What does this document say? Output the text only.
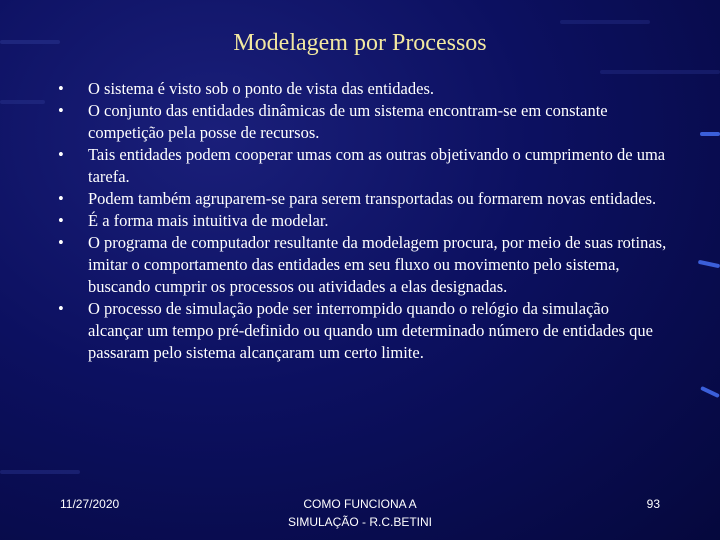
Modelagem por Processos
•	O sistema é visto sob o ponto de vista das entidades.
•	O conjunto das entidades dinâmicas de um sistema encontram-se em constante competição pela posse de recursos.
•	Tais entidades podem cooperar umas com as outras objetivando o cumprimento de uma tarefa.
•	Podem também agruparem-se para serem transportadas ou formarem novas entidades.
•	É a forma mais intuitiva de modelar.
•	O programa de computador resultante da modelagem procura, por meio de suas rotinas, imitar o comportamento das entidades em seu fluxo ou movimento pelo sistema, buscando cumprir os processos ou atividades a elas designadas.
•	O processo de simulação pode ser interrompido quando o relógio da simulação alcançar um tempo pré-definido ou quando um determinado número de entidades que passaram pelo sistema alcançaram um certo limite.
11/27/2020	COMO FUNCIONA A
SIMULAÇÃO - R.C.BETINI
93
